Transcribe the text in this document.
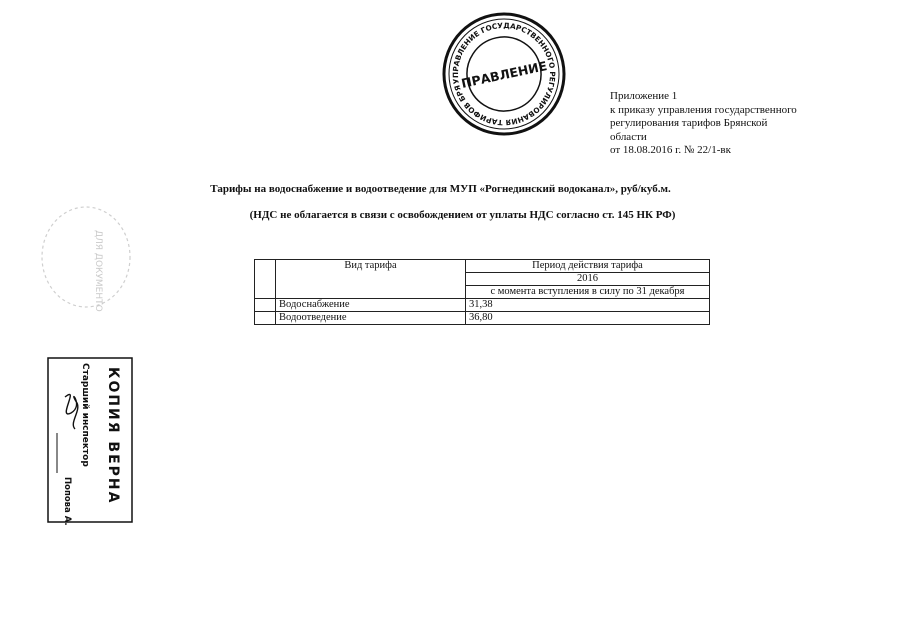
УПРАВЛЕНИЕ ГОСУДАРСТВЕННОГО РЕГУЛИРОВАНИЯ ТАРИФОВ БРЯНСКОЙ
ПРАВЛЕНИЕ
ДЛЯ ДОКУМЕНТОВ
Приложение 1
к приказу управления государственного
регулирования тарифов Брянской
области
от 18.08.2016 г. № 22/1-вк
Тарифы на водоснабжение и водоотведение для МУП «Рогнединский водоканал», руб/куб.м.
(НДС не облагается в связи с освобождением от уплаты НДС согласно ст. 145 НК РФ)
	Вид тарифа	Период действия тарифа
		2016
		с момента вступления в силу по 31 декабря
	Водоснабжение	31,38
	Водоотведение	36,80
КОПИЯ ВЕРНА
Старший инспектор
Попова А.А.
